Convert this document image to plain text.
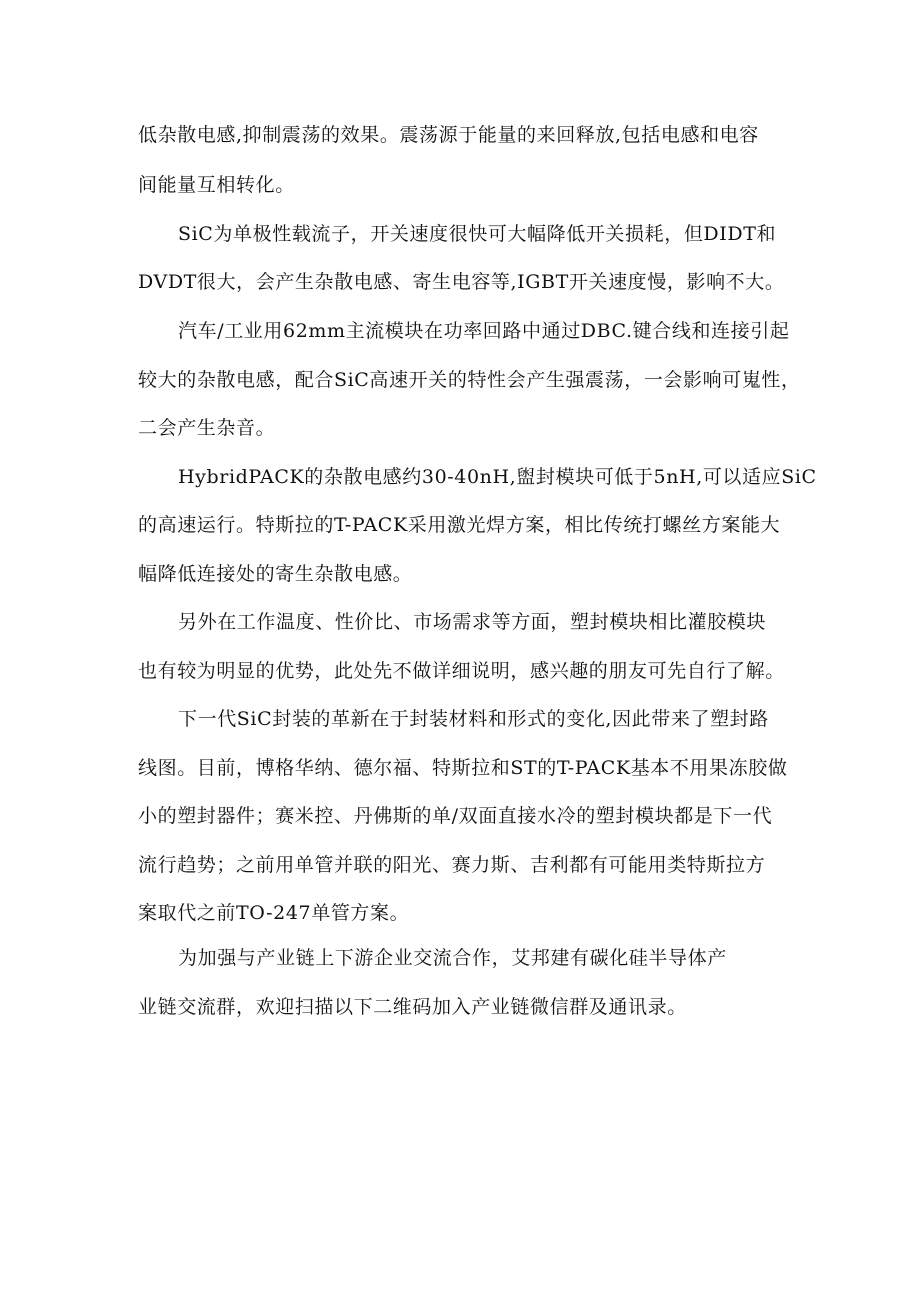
低杂散电感,抑制震荡的效果。震荡源于能量的来回释放,包括电感和电容
间能量互相转化。
SiC为单极性载流子，开关速度很快可大幅降低开关损耗，但DIDT和
DVDT很大，会产生杂散电感、寄生电容等,IGBT开关速度慢，影响不大。
汽车/工业用62mm主流模块在功率回路中通过DBC.键合线和连接引起
较大的杂散电感，配合SiC高速开关的特性会产生强震荡，一会影响可嵬性，
二会产生杂音。
HybridPACK的杂散电感约30-40nH,盥封模块可低于5nH,可以适应SiC
的高速运行。特斯拉的T-PACK采用激光焊方案，相比传统打螺丝方案能大
幅降低连接处的寄生杂散电感。
另外在工作温度、性价比、市场需求等方面，塑封模块相比灌胶模块
也有较为明显的优势，此处先不做详细说明，感兴趣的朋友可先自行了解。
下一代SiC封装的革新在于封装材料和形式的变化,因此带来了塑封路
线图。目前，博格华纳、德尔福、特斯拉和ST的T-PACK基本不用果冻胶做
小的塑封器件；赛米控、丹佛斯的单/双面直接水冷的塑封模块都是下一代
流行趋势；之前用单管并联的阳光、赛力斯、吉利都有可能用类特斯拉方
案取代之前TO-247单管方案。
为加强与产业链上下游企业交流合作，艾邦建有碳化硅半导体产
业链交流群，欢迎扫描以下二维码加入产业链微信群及通讯录。
